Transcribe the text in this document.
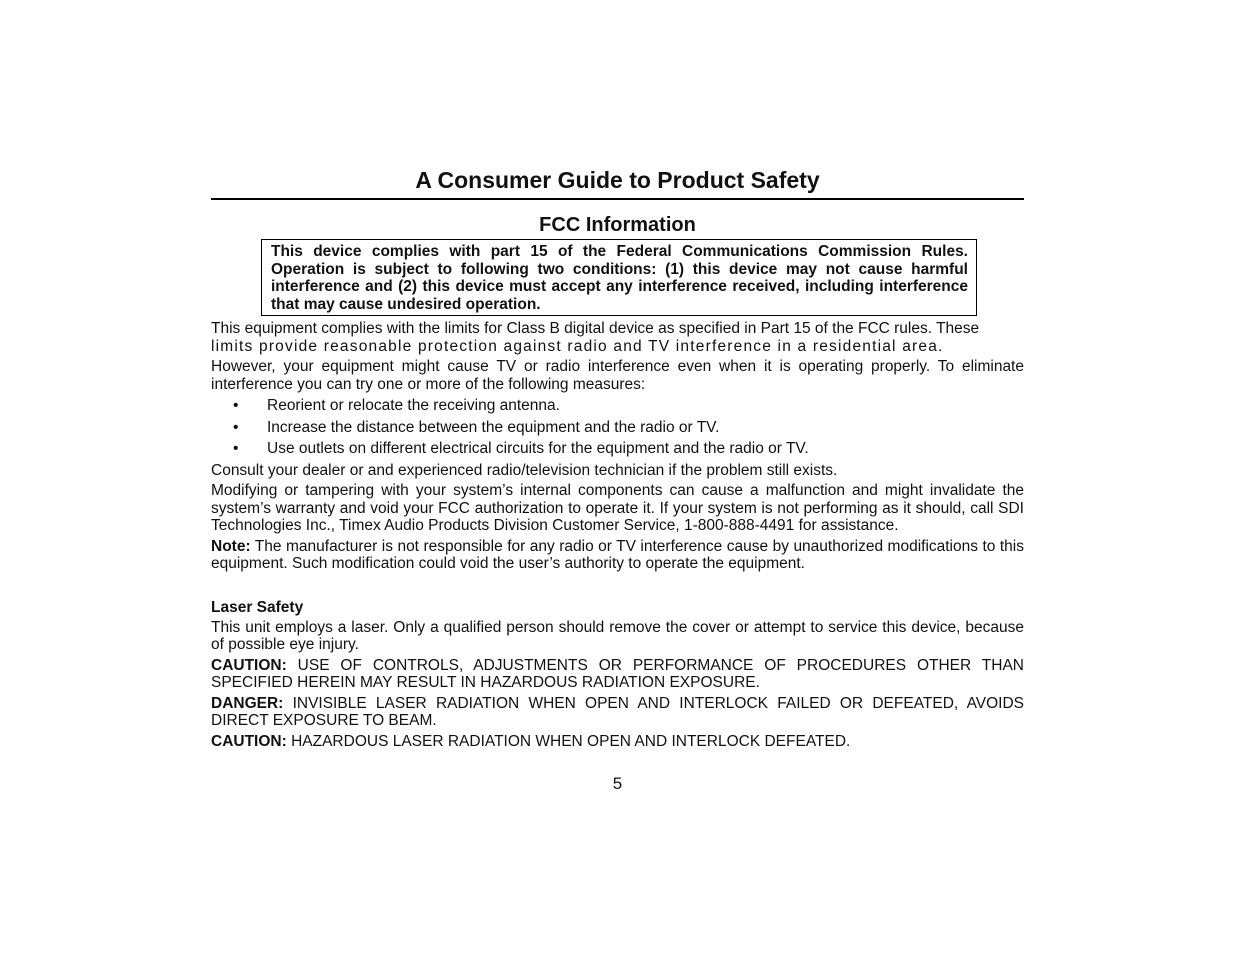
A Consumer Guide to Product Safety
FCC Information
This device complies with part 15 of the Federal Communications Commission Rules. Operation is subject to following two conditions: (1) this device may not cause harmful interference and (2) this device must accept any interference received, including interference that may cause undesired operation.

This equipment complies with the limits for Class B digital device as specified in Part 15 of the FCC rules. These
limits provide reasonable protection against radio and TV interference in a residential area.

However, your equipment might cause TV or radio interference even when it is operating properly. To eliminate interference you can try one or more of the following measures:

• Reorient or relocate the receiving antenna.
• Increase the distance between the equipment and the radio or TV.
• Use outlets on different electrical circuits for the equipment and the radio or TV.

Consult your dealer or and experienced radio/television technician if the problem still exists.

Modifying or tampering with your system’s internal components can cause a malfunction and might invalidate the system’s warranty and void your FCC authorization to operate it. If your system is not performing as it should, call SDI Technologies Inc., Timex Audio Products Division Customer Service, 1-800-888-4491 for assistance.

Note: The manufacturer is not responsible for any radio or TV interference cause by unauthorized modifications to this equipment. Such modification could void the user’s authority to operate the equipment.

Laser Safety

This unit employs a laser. Only a qualified person should remove the cover or attempt to service this device, because of possible eye injury.

CAUTION: USE OF CONTROLS, ADJUSTMENTS OR PERFORMANCE OF PROCEDURES OTHER THAN SPECIFIED HEREIN MAY RESULT IN HAZARDOUS RADIATION EXPOSURE.

DANGER: INVISIBLE LASER RADIATION WHEN OPEN AND INTERLOCK FAILED OR DEFEATED, AVOIDS DIRECT EXPOSURE TO BEAM.

CAUTION: HAZARDOUS LASER RADIATION WHEN OPEN AND INTERLOCK DEFEATED.

5
